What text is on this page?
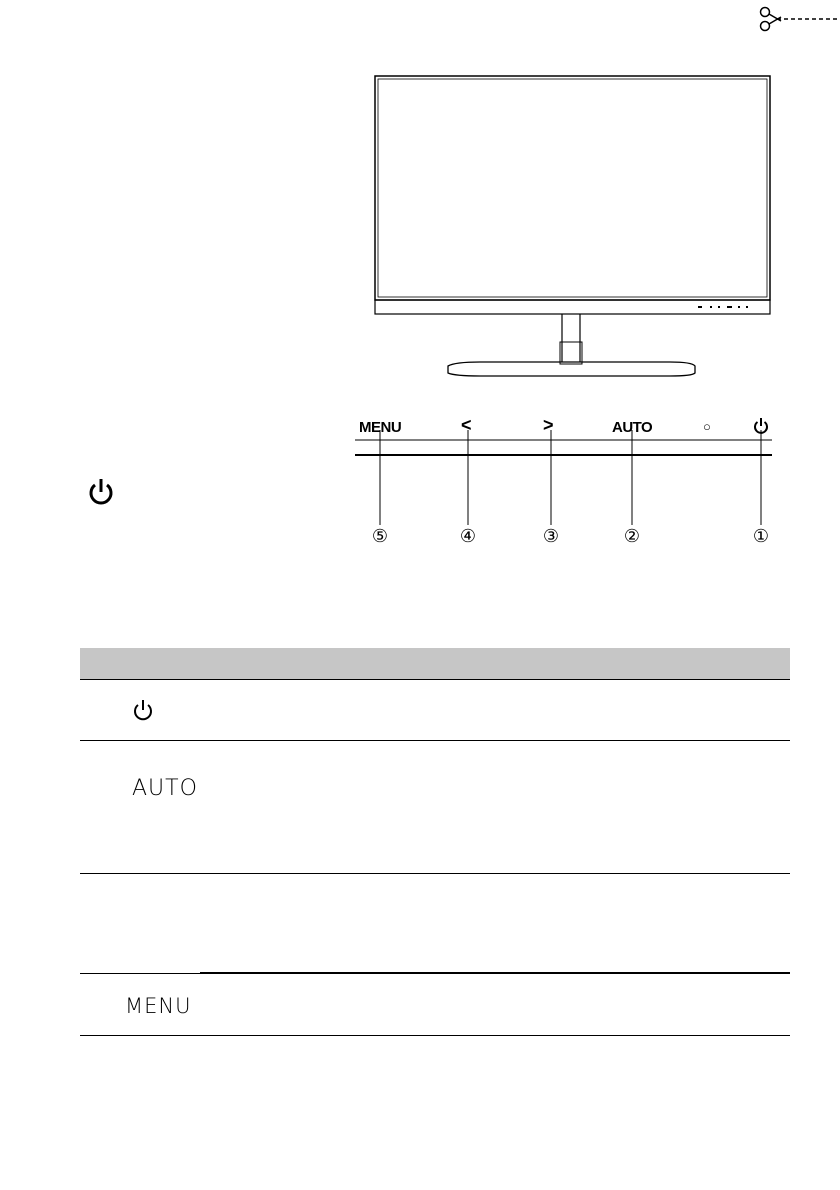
MENU	<	>	AUTO	○
⑤	④	③	②	①
AUTO
MENU
